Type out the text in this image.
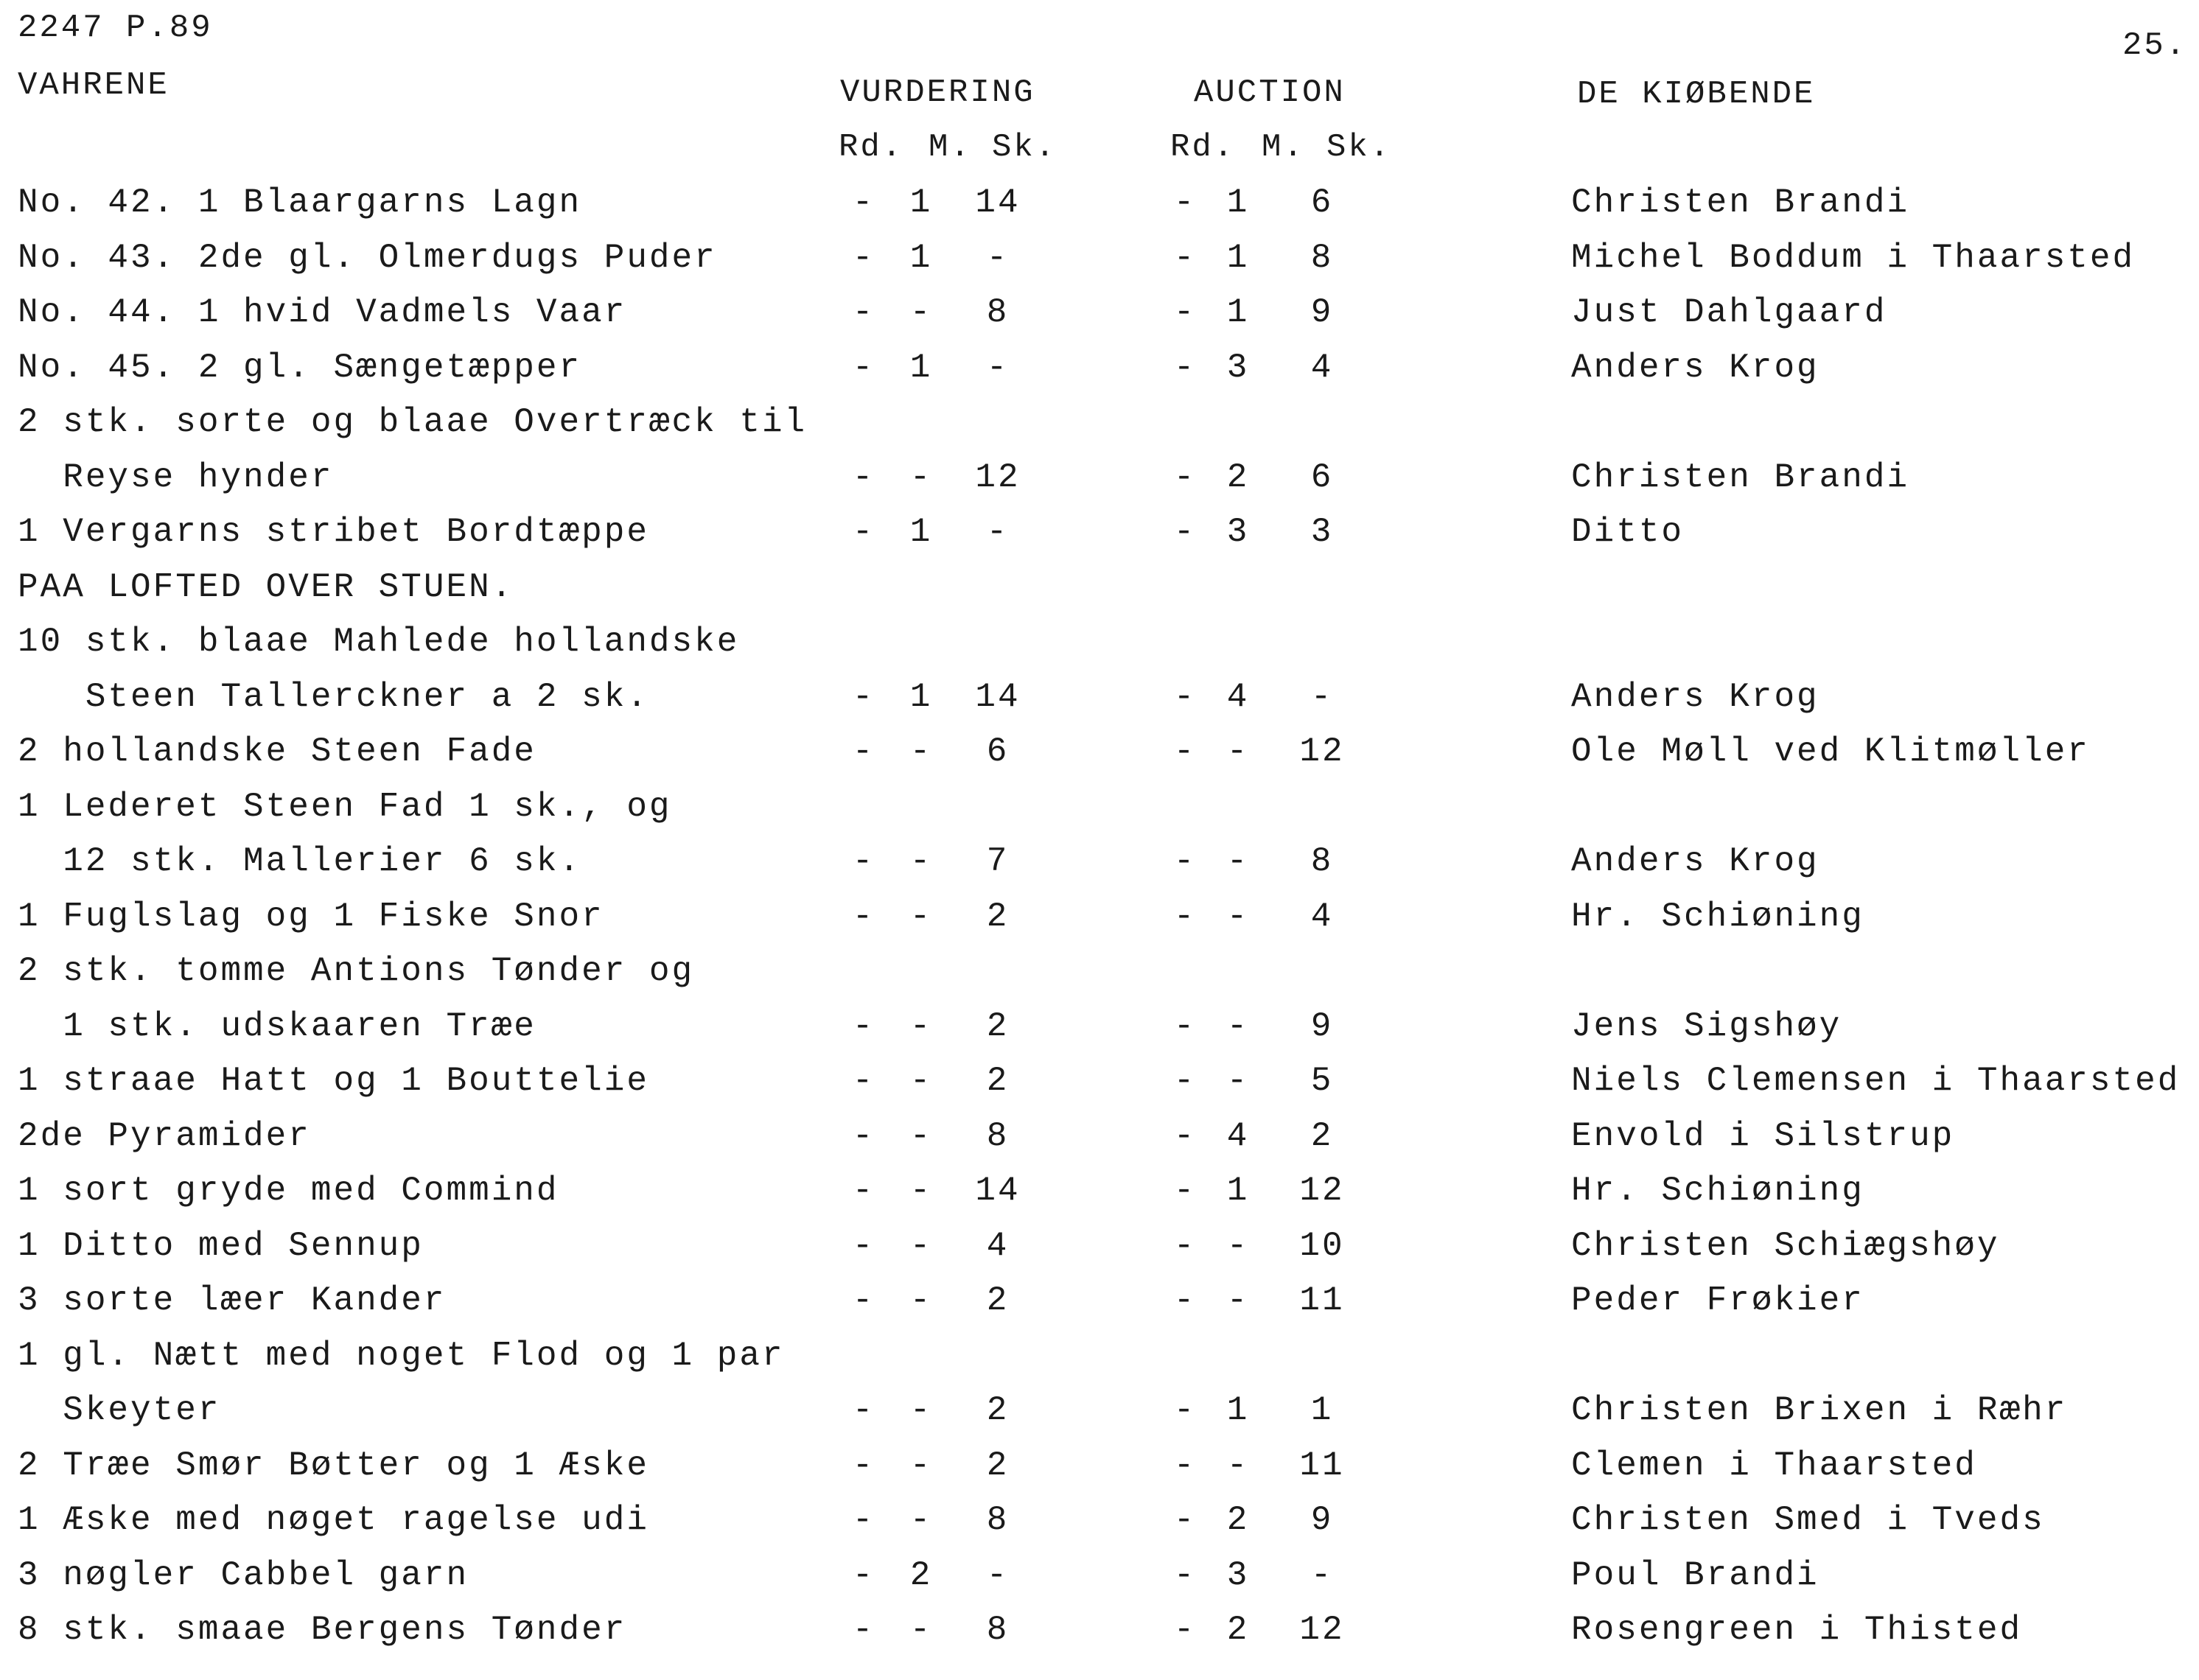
2247 P.89	25.
VAHRENE	VURDERING	AUCTION	DE KIØBENDE
Rd. M. Sk.	Rd. M. Sk.
No. 42. 1 Blaargarns Lagn	-	1	14	- 1	6	Christen Brandi
No. 43. 2de gl. Olmerdugs Puder	-	1	-	- 1	8	Michel Boddum i Thaarsted
No. 44. 1 hvid Vadmels Vaar	-	-	8	- 1	9	Just Dahlgaard
No. 45. 2 gl. Sængetæpper	-	1	-	- 3	4	Anders Krog
2 stk. sorte og blaae Overtræck til
Reyse hynder	-	-	12	- 2	6	Christen Brandi
1 Vergarns stribet Bordtæppe	-	1	-	- 3	3	Ditto
PAA LOFTED OVER STUEN.
10 stk. blaae Mahlede hollandske
Steen Tallerckner a 2 sk.	-	1	14	- 4	-	Anders Krog
2 hollandske Steen Fade	-	-	6	- -	12	Ole Møll ved Klitmøller
1 Lederet Steen Fad 1 sk., og
12 stk. Mallerier 6 sk.	-	-	7	- -	8	Anders Krog
1 Fuglslag og 1 Fiske Snor	-	-	2	- -	4	Hr. Schiøning
2 stk. tomme Antions Tønder og
1 stk. udskaaren Træe	-	-	2	- -	9	Jens Sigshøy
1 straae Hatt og 1 Bouttelie	-	-	2	- -	5	Niels Clemensen i Thaarsted
2de Pyramider	-	-	8	- 4	2	Envold i Silstrup
1 sort gryde med Commind	-	-	14	- 1	12	Hr. Schiøning
1 Ditto med Sennup	-	-	4	- -	10	Christen Schiægshøy
3 sorte læer Kander	-	-	2	- -	11	Peder Frøkier
1 gl. Nætt med noget Flod og 1 par
Skeyter	-	-	2	- 1	1	Christen Brixen i Ræhr
2 Træe Smør Bøtter og 1 Æske	-	-	2	- -	11	Clemen i Thaarsted
1 Æske med nøget ragelse udi	-	-	8	- 2	9	Christen Smed i Tveds
3 nøgler Cabbel garn	-	2	-	- 3	-	Poul Brandi
8 stk. smaae Bergens Tønder	-	-	8	- 2	12	Rosengreen i Thisted
